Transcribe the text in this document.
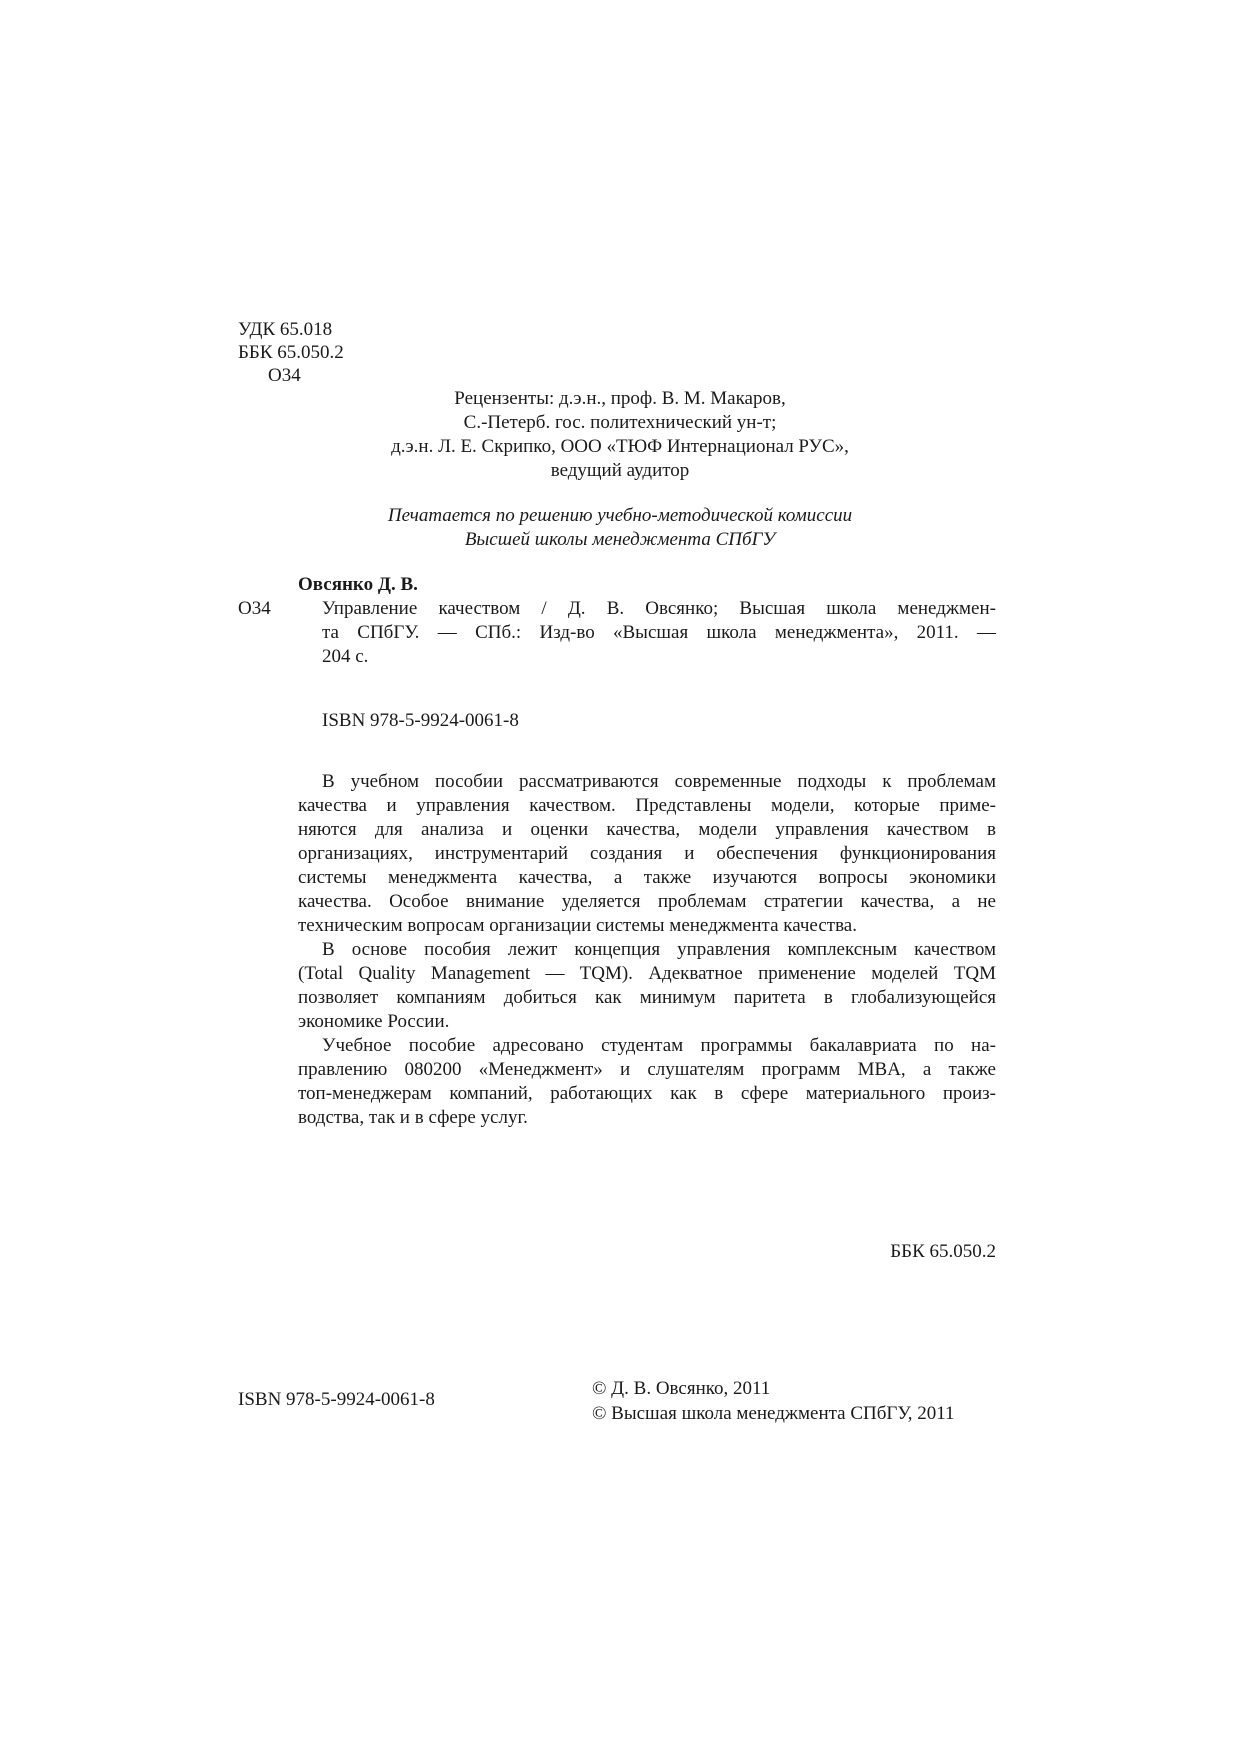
УДК 65.018
ББК 65.050.2
О34
Рецензенты: д.э.н., проф. В. М. Макаров,
С.-Петерб. гос. политехнический ун-т;
д.э.н. Л. Е. Скрипко, ООО «ТЮФ Интернационал РУС»,
ведущий аудитор
Печатается по решению учебно-методической комиссии
Высшей школы менеджмента СПбГУ
Овсянко Д. В.
О34	Управление качеством / Д. В. Овсянко; Высшая школа менеджмен-
та СПбГУ. — СПб.: Изд-во «Высшая школа менеджмента», 2011. —
204 с.
ISBN 978-5-9924-0061-8
В учебном пособии рассматриваются современные подходы к проблемам
качества и управления качеством. Представлены модели, которые приме-
няются для анализа и оценки качества, модели управления качеством в
организациях, инструментарий создания и обеспечения функционирования
системы менеджмента качества, а также изучаются вопросы экономики
качества. Особое внимание уделяется проблемам стратегии качества, а не
техническим вопросам организации системы менеджмента качества.
В основе пособия лежит концепция управления комплексным качеством
(Total Quality Management — TQM). Адекватное применение моделей TQM
позволяет компаниям добиться как минимум паритета в глобализующейся
экономике России.
Учебное пособие адресовано студентам программы бакалавриата по на-
правлению 080200 «Менеджмент» и слушателям программ MBA, а также
топ-менеджерам компаний, работающих как в сфере материального произ-
водства, так и в сфере услуг.
ББК 65.050.2
ISBN 978-5-9924-0061-8
© Д. В. Овсянко, 2011
© Высшая школа менеджмента СПбГУ, 2011
